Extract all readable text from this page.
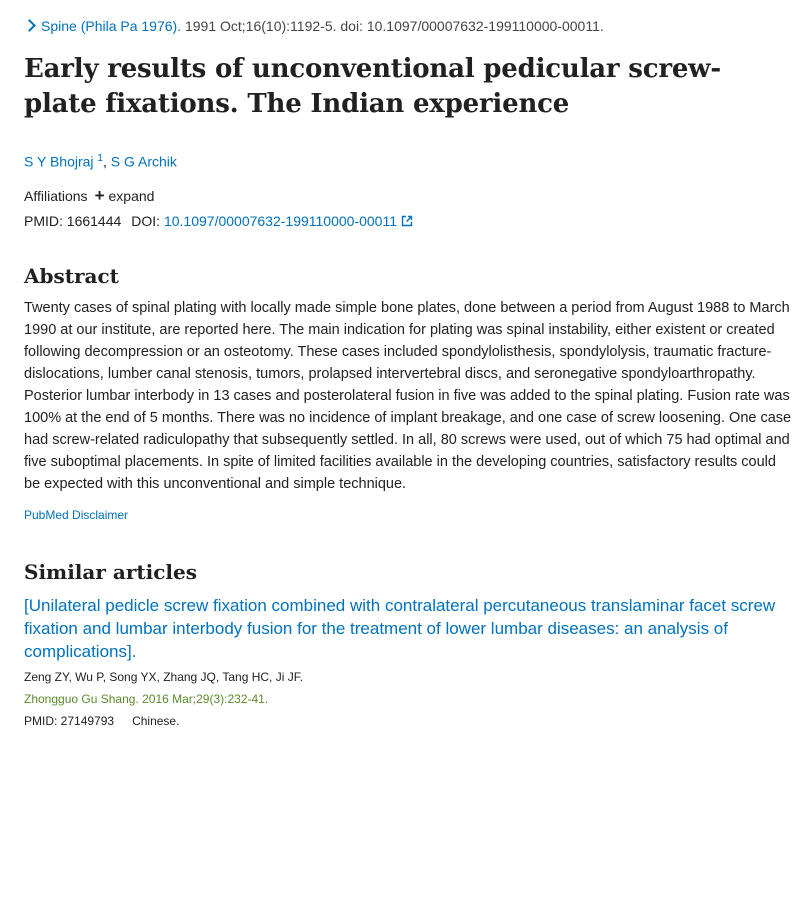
Spine (Phila Pa 1976). 1991 Oct;16(10):1192-5. doi: 10.1097/00007632-199110000-00011.
Early results of unconventional pedicular screw-plate fixations. The Indian experience
S Y Bhojraj $^1$, S G Archik
Affiliations + expand
PMID: 1661444 DOI: 10.1097/00007632-199110000-00011
Abstract

Twenty cases of spinal plating with locally made simple bone plates, done between a period from August 1988 to March 1990 at our institute, are reported here. The main indication for plating was spinal instability, either existent or created following decompression or an osteotomy. These cases included spondylolisthesis, spondylolysis, traumatic fracture-dislocations, lumber canal stenosis, tumors, prolapsed intervertebral discs, and seronegative spondyloarthropathy. Posterior lumbar interbody in 13 cases and posterolateral fusion in five was added to the spinal plating. Fusion rate was 100% at the end of 5 months. There was no incidence of implant breakage, and one case of screw loosening. One case had screw-related radiculopathy that subsequently settled. In all, 80 screws were used, out of which 75 had optimal and five suboptimal placements. In spite of limited facilities available in the developing countries, satisfactory results could be expected with this unconventional and simple technique.

PubMed Disclaimer
Similar articles
[Unilateral pedicle screw fixation combined with contralateral percutaneous translaminar facet screw fixation and lumbar interbody fusion for the treatment of lower lumbar diseases: an analysis of complications].
Zeng ZY, Wu P, Song YX, Zhang JQ, Tang HC, Ji JF.
Zhongguo Gu Shang. 2016 Mar;29(3):232-41.
PMID: 27149793 Chinese.
